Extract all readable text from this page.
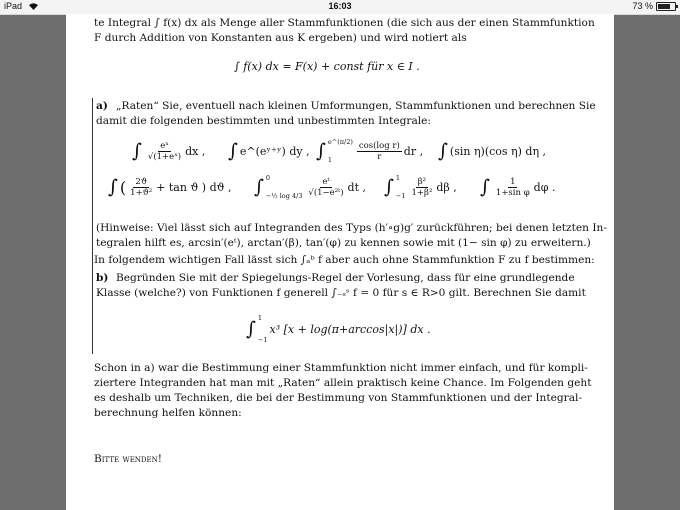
iPad	16:03	73 %
te Integral ∫ f(x) dx als Menge aller Stammfunktionen (die sich aus der einen Stammfunktion
F durch Addition von Konstanten aus K ergeben) und wird notiert als
∫ f(x) dx = F(x) + const für x ∈ I .
a) „Raten“ Sie, eventuell nach kleinen Umformungen, Stammfunktionen und berechnen Sie
damit die folgenden bestimmten und unbestimmten Integrale:
∫ $\frac{\text{eˣ}}{\text{√(1+eˣ)}}$ dx , ∫ e^(eʸ⁺ʸ) dy , ∫ e^(π/2)
1	$\frac{\text{cos(log r)}}{r}$ dr , ∫ (sin η)(cos η) dη ,
∫ ( $\frac{2ϑ}{\text{1+ϑ²}} + \tan ϑ$ ) dϑ , ∫ 0
−½ $\log 4/3 \frac{\text{eᵗ}}{\text{√(1−e²ᵗ)}}$ dt , ∫ 1
$-1 \frac{\text{β²}}{\text{1+β²}}$ dβ , ∫ $\frac{1}{\text{1+sin φ}}$ dφ .
(Hinweise: Viel lässt sich auf Integranden des Typs (h′∘g)g′ zurückführen; bei denen letzten In-
tegralen hilft es, arcsin′(eᵗ), arctan′(β), tan′(φ) zu kennen sowie mit (1− sin φ) zu erweitern.)
In folgendem wichtigen Fall lässt sich ∫ₐᵇ f aber auch ohne Stammfunktion F zu f bestimmen:
b) Begründen Sie mit der Spiegelungs-Regel der Vorlesung, dass für eine grundlegende
Klasse (welche?) von Funktionen f generell ∫₋ₛˢ f = 0 für s ∈ R>0 gilt. Berechnen Sie damit
∫ 1
−1
x³ [x + log(π+arccos|x|)] dx .
Schon in a) war die Bestimmung einer Stammfunktion nicht immer einfach, und für kompli-
ziertere Integranden hat man mit „Raten“ allein praktisch keine Chance. Im Folgenden geht
es deshalb um Techniken, die bei der Bestimmung von Stammfunktionen und der Integral-
berechnung helfen können:
Bitte wenden!
